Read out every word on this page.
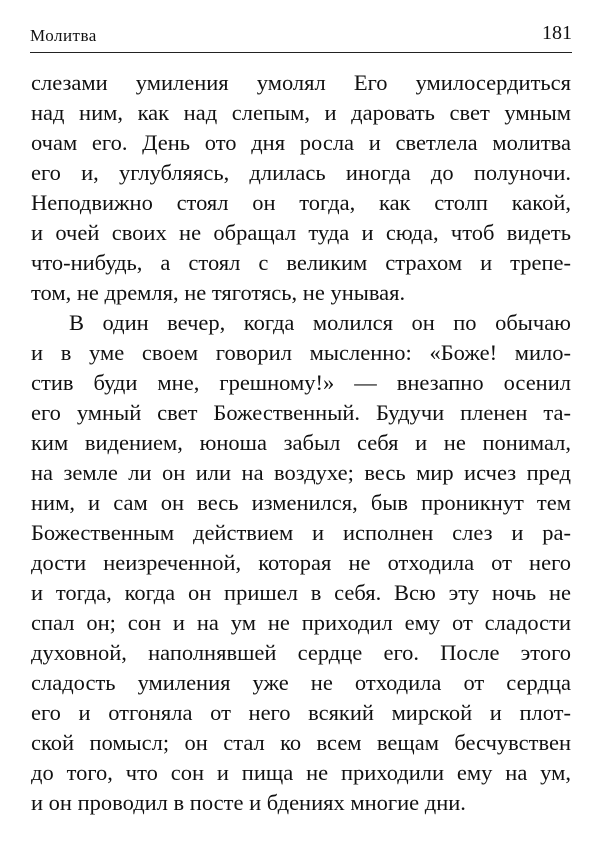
Молитва	181
слезами умиления умолял Его умилосердиться
над ним, как над слепым, и даровать свет умным
очам его. День ото дня росла и светлела молитва
его и, углубляясь, длилась иногда до полуночи.
Неподвижно стоял он тогда, как столп какой,
и очей своих не обращал туда и сюда, чтоб видеть
что-нибудь, а стоял с великим страхом и трепе-
том, не дремля, не тяготясь, не унывая.
В один вечер, когда молился он по обычаю
и в уме своем говорил мысленно: «Боже! мило-
стив буди мне, грешному!» — внезапно осенил
его умный свет Божественный. Будучи пленен та-
ким видением, юноша забыл себя и не понимал,
на земле ли он или на воздухе; весь мир исчез пред
ним, и сам он весь изменился, быв проникнут тем
Божественным действием и исполнен слез и ра-
дости неизреченной, которая не отходила от него
и тогда, когда он пришел в себя. Всю эту ночь не
спал он; сон и на ум не приходил ему от сладости
духовной, наполнявшей сердце его. После этого
сладость умиления уже не отходила от сердца
его и отгоняла от него всякий мирской и плот-
ской помысл; он стал ко всем вещам бесчувствен
до того, что сон и пища не приходили ему на ум,
и он проводил в посте и бдениях многие дни.
